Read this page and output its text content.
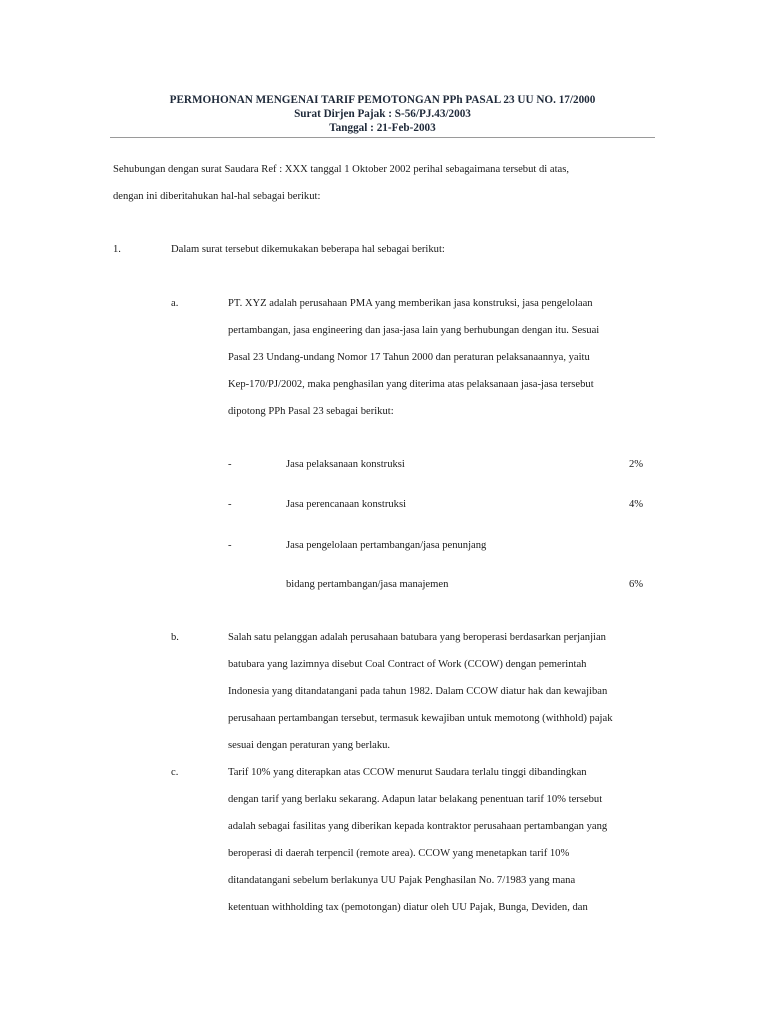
PERMOHONAN MENGENAI TARIF PEMOTONGAN PPh PASAL 23 UU NO. 17/2000
Surat Dirjen Pajak : S-56/PJ.43/2003
Tanggal : 21-Feb-2003
Sehubungan dengan surat Saudara Ref : XXX tanggal 1 Oktober 2002 perihal sebagaimana tersebut di atas,
dengan ini diberitahukan hal-hal sebagai berikut:
1.	Dalam surat tersebut dikemukakan beberapa hal sebagai berikut:
a.	PT. XYZ adalah perusahaan PMA yang memberikan jasa konstruksi, jasa pengelolaan
pertambangan, jasa engineering dan jasa-jasa lain yang berhubungan dengan itu. Sesuai
Pasal 23 Undang-undang Nomor 17 Tahun 2000 dan peraturan pelaksanaannya, yaitu
Kep-170/PJ/2002, maka penghasilan yang diterima atas pelaksanaan jasa-jasa tersebut
dipotong PPh Pasal 23 sebagai berikut:
-	Jasa pelaksanaan konstruksi	2%
-	Jasa perencanaan konstruksi	4%
-	Jasa pengelolaan pertambangan/jasa penunjang
bidang pertambangan/jasa manajemen	6%
b.	Salah satu pelanggan adalah perusahaan batubara yang beroperasi berdasarkan perjanjian
batubara yang lazimnya disebut Coal Contract of Work (CCOW) dengan pemerintah
Indonesia yang ditandatangani pada tahun 1982. Dalam CCOW diatur hak dan kewajiban
perusahaan pertambangan tersebut, termasuk kewajiban untuk memotong (withhold) pajak
sesuai dengan peraturan yang berlaku.
c.	Tarif 10% yang diterapkan atas CCOW menurut Saudara terlalu tinggi dibandingkan
dengan tarif yang berlaku sekarang. Adapun latar belakang penentuan tarif 10% tersebut
adalah sebagai fasilitas yang diberikan kepada kontraktor perusahaan pertambangan yang
beroperasi di daerah terpencil (remote area). CCOW yang menetapkan tarif 10%
ditandatangani sebelum berlakunya UU Pajak Penghasilan No. 7/1983 yang mana
ketentuan withholding tax (pemotongan) diatur oleh UU Pajak, Bunga, Deviden, dan
